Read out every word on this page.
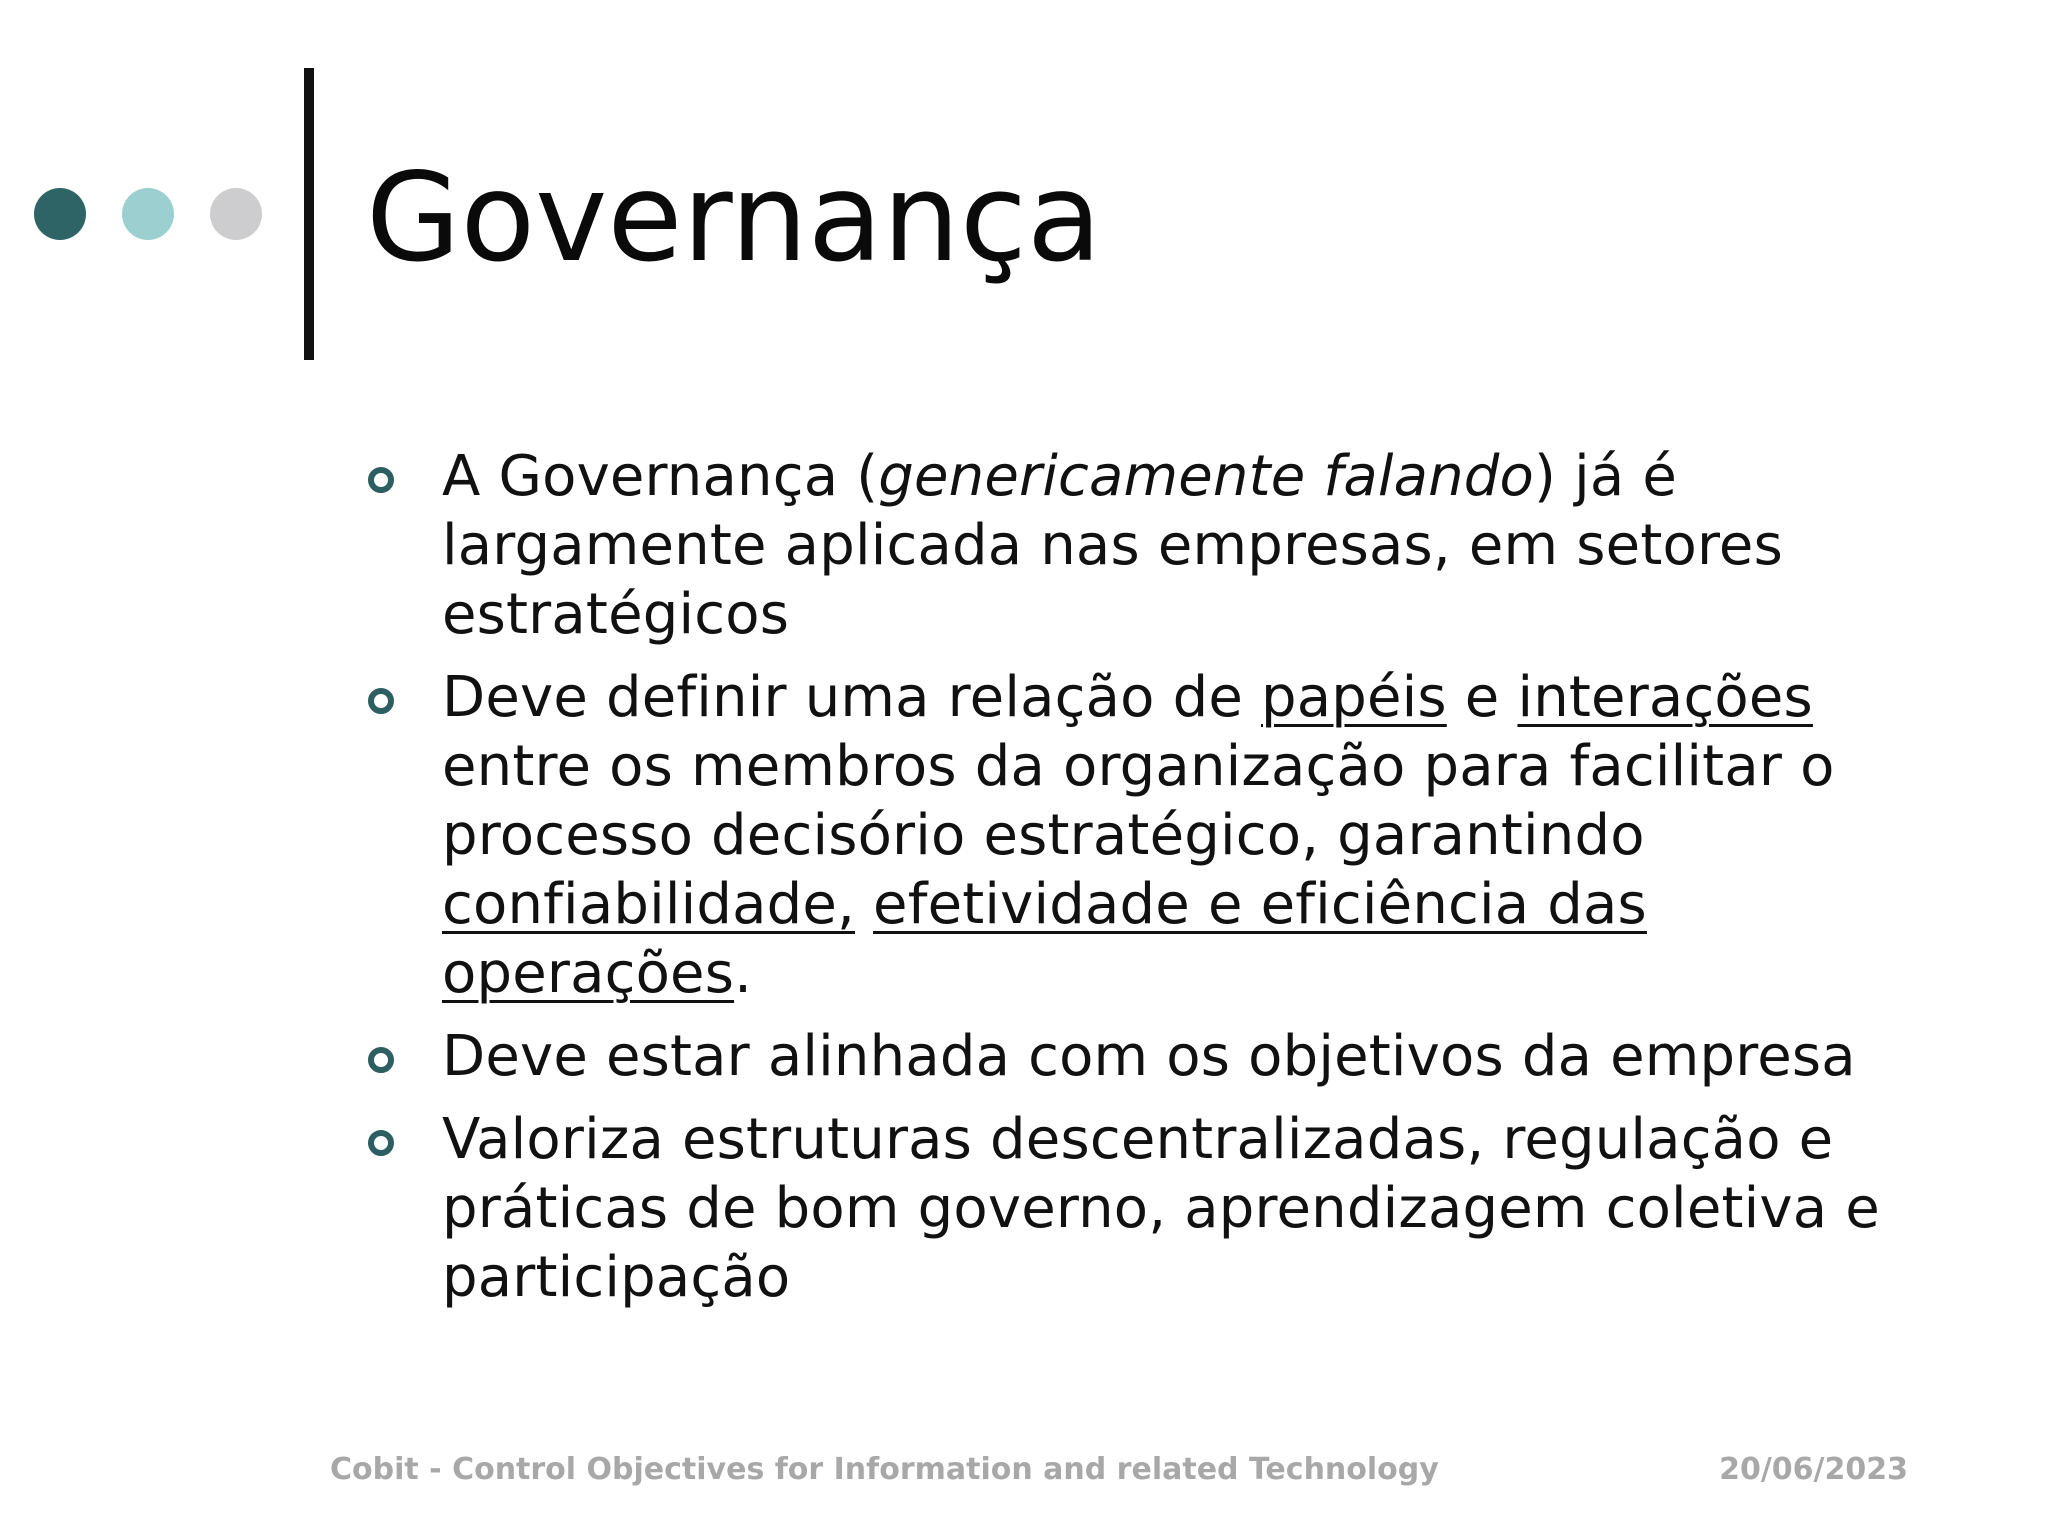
Governança
A Governança (genericamente falando) já é largamente aplicada nas empresas, em setores estratégicos
Deve definir uma relação de papéis e interações entre os membros da organização para facilitar o processo decisório estratégico, garantindo confiabilidade, efetividade e eficiência das operações.
Deve estar alinhada com os objetivos da empresa
Valoriza estruturas descentralizadas, regulação e práticas de bom governo, aprendizagem coletiva e participação
Cobit - Control Objectives for Information and related Technology	20/06/2023
